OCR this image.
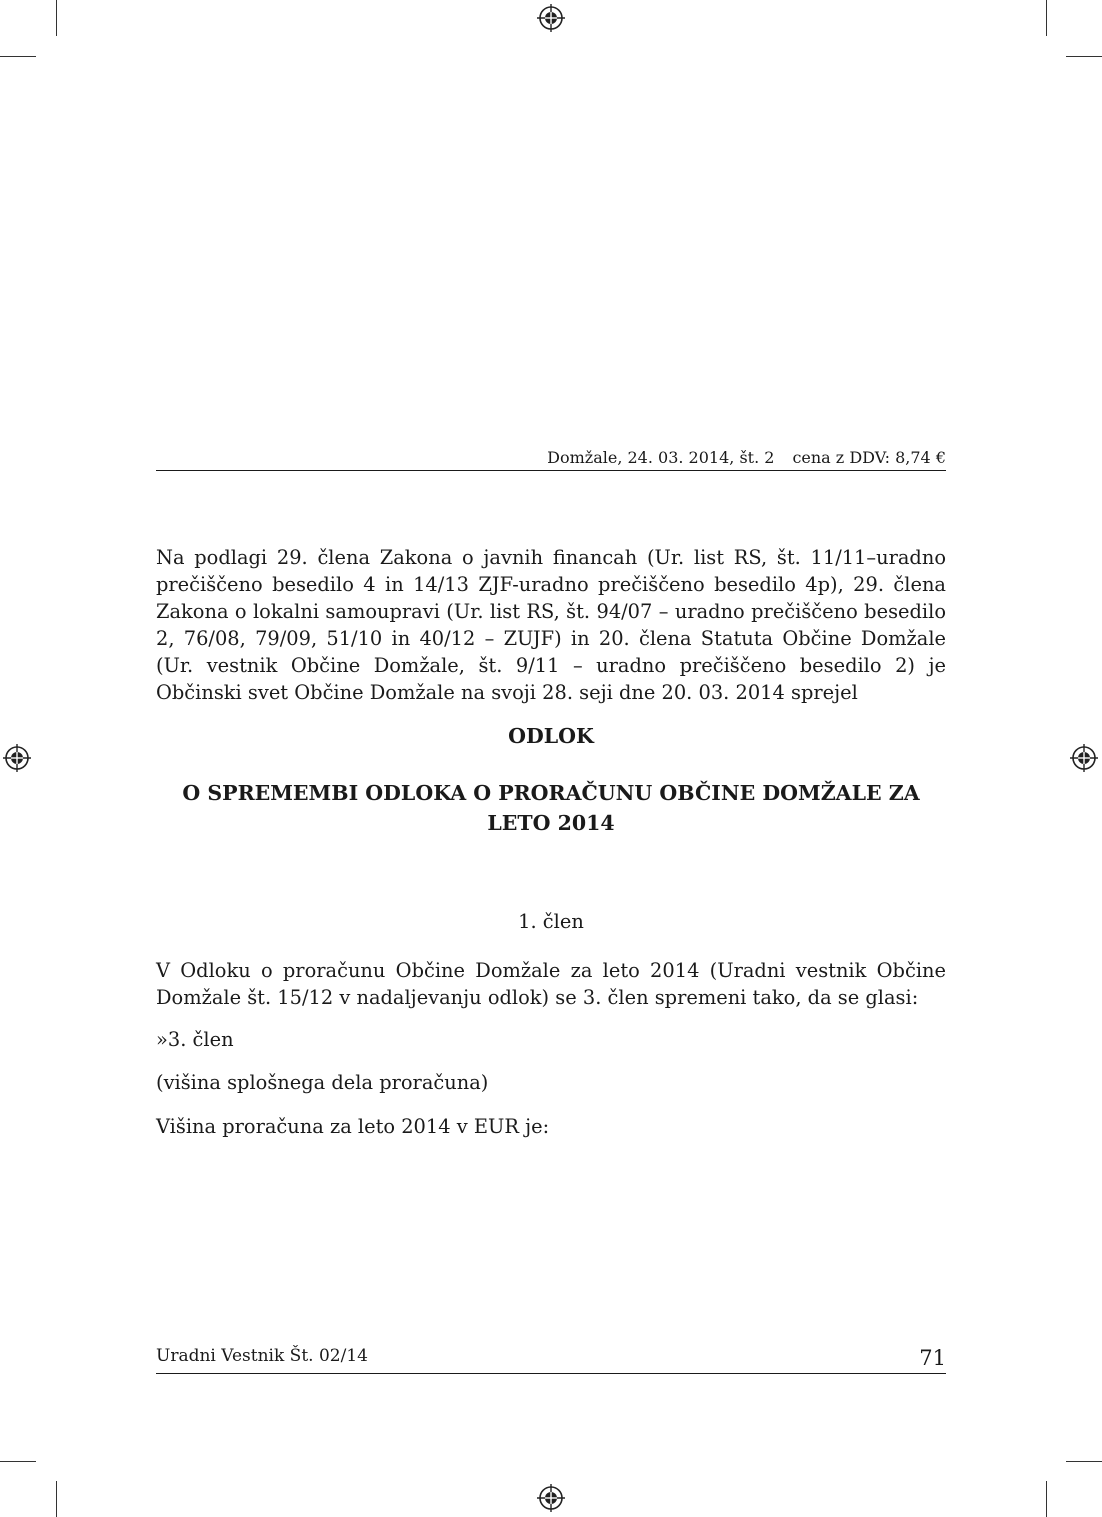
Domžale, 24. 03. 2014, št. 2 cena z DDV: 8,74 €

Na podlagi 29. člena Zakona o javnih financah (Ur. list RS, št. 11/11–uradno prečiščeno besedilo 4 in 14/13 ZJF-uradno prečiščeno besedilo 4p), 29. člena Zakona o lokalni samoupravi (Ur. list RS, št. 94/07 – uradno prečiščeno besedilo 2, 76/08, 79/09, 51/10 in 40/12 – ZUJF) in 20. člena Statuta Občine Domžale (Ur. vestnik Občine Domžale, št. 9/11 – uradno prečiščeno besedilo 2) je Občinski svet Občine Domžale na svoji 28. seji dne 20. 03. 2014 sprejel

ODLOK

O SPREMEMBI ODLOKA O PRORAČUNU OBČINE DOMŽALE ZA LETO 2014

1. člen

V Odloku o proračunu Občine Domžale za leto 2014 (Uradni vestnik Občine Domžale št. 15/12 v nadaljevanju odlok) se 3. člen spremeni tako, da se glasi:

»3. člen

(višina splošnega dela proračuna)

Višina proračuna za leto 2014 v EUR je:

Uradni Vestnik Št. 02/14	71
